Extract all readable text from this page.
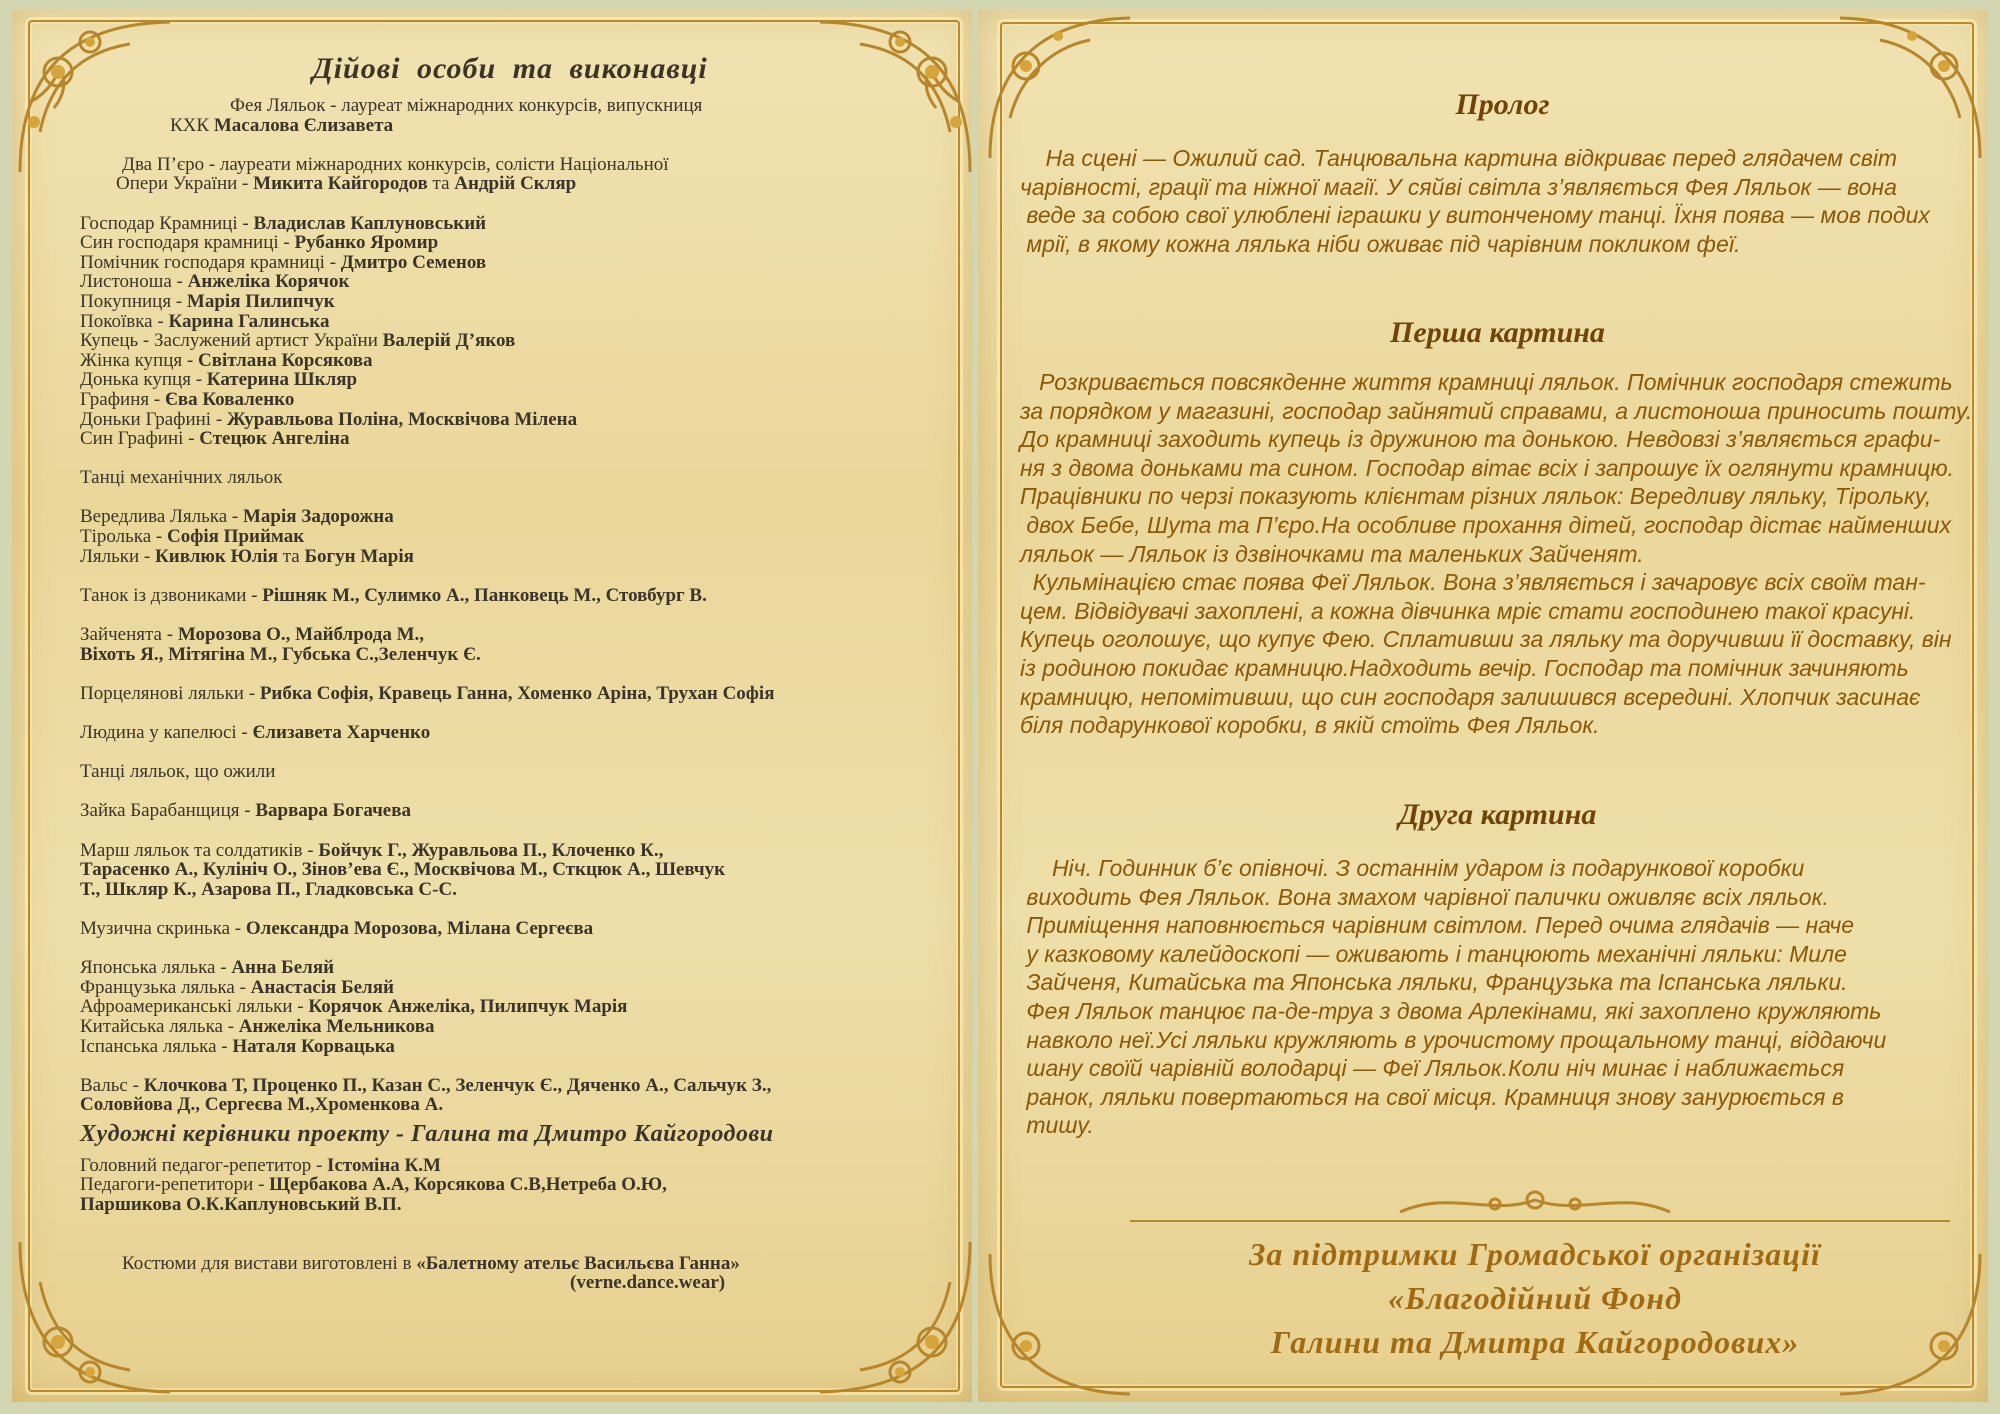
Дійові особи та виконавці
Фея Ляльок - лауреат міжнародних конкурсів, випускниця
КХК Масалова Єлизавета
Два П’єро - лауреати міжнародних конкурсів, солісти Національної
Опери України - Микита Кайгородов та Андрій Скляр
Господар Крамниці - Владислав Каплуновський
Син господаря крамниці - Рубанко Яромир
Помічник господаря крамниці - Дмитро Семенов
Листоноша - Анжеліка Корячок
Покупниця - Марія Пилипчук
Покоївка - Карина Галинська
Купець - Заслужений артист України Валерій Д’яков
Жінка купця - Світлана Корсякова
Донька купця - Катерина Шкляр
Графиня - Єва Коваленко
Доньки Графині - Журавльова Поліна, Москвічова Мілена
Син Графині - Стецюк Ангеліна
Танці механічних ляльок
Вередлива Лялька - Марія Задорожна
Тіролька - Софія Приймак
Ляльки - Кивлюк Юлія та Богун Марія
Танок із дзвониками - Рішняк М., Сулимко А., Панковець М., Стовбург В.
Зайченята - Морозова О., Майблрода М.,
Віхоть Я., Мітягіна М., Губська С.,Зеленчук Є.
Порцелянові ляльки - Рибка Софія, Кравець Ганна, Хоменко Аріна, Трухан Софія
Людина у капелюсі - Єлизавета Харченко
Танці ляльок, що ожили
Зайка Барабанщиця - Варвара Богачева
Марш ляльок та солдатиків - Бойчук Г., Журавльова П., Клоченко К.,
Тарасенко А., Кулініч О., Зінов’ева Є., Москвічова М., Сткцюк А., Шевчук
Т., Шкляр К., Азарова П., Гладковська С-С.
Музична скринька - Олександра Морозова, Мілана Сергеєва
Японська лялька - Анна Беляй
Французька лялька - Анастасія Беляй
Афроамериканські ляльки - Корячок Анжеліка, Пилипчук Марія
Китайська лялька - Анжеліка Мельникова
Іспанська лялька - Наталя Корвацька
Вальс - Клочкова Т, Проценко П., Казан С., Зеленчук Є., Дяченко А., Сальчук З.,
Соловйова Д., Сергеєва М.,Хроменкова А.
Художні керівники проекту - Галина та Дмитро Кайгородови
Головний педагог-репетитор - Істоміна К.М
Педагоги-репетитори - Щербакова А.А, Корсякова С.В,Нетреба О.Ю,
Паршикова О.К.Каплуновський В.П.
Костюми для вистави виготовлені в «Балетному ательє Васильєва Ганна»
(verne.dance.wear)
Пролог
На сцені — Ожилий сад. Танцювальна картина відкриває перед глядачем світ
чарівності, грації та ніжної магії. У сяйві світла з’являється Фея Ляльок — вона
веде за собою свої улюблені іграшки у витонченому танці. Їхня поява — мов подих
мрії, в якому кожна лялька ніби оживає під чарівним покликом феї.
Перша картина
Розкривається повсякденне життя крамниці ляльок. Помічник господаря стежить
за порядком у магазині, господар зайнятий справами, а листоноша приносить пошту.
До крамниці заходить купець із дружиною та донькою. Невдовзі з’являється графи-
ня з двома доньками та сином. Господар вітає всіх і запрошує їх оглянути крамницю.
Працівники по черзі показують клієнтам різних ляльок: Вередливу ляльку, Тірольку,
двох Бебе, Шута та П’єро.На особливе прохання дітей, господар дістає найменших
ляльок — Ляльок із дзвіночками та маленьких Зайченят.
Кульмінацією стає поява Феї Ляльок. Вона з’являється і зачаровує всіх своїм тан-
цем. Відвідувачі захоплені, а кожна дівчинка мріє стати господинею такої красуні.
Купець оголошує, що купує Фею. Сплативши за ляльку та доручивши її доставку, він
із родиною покидає крамницю.Надходить вечір. Господар та помічник зачиняють
крамницю, непомітивши, що син господаря залишився всередині. Хлопчик засинає
біля подарункової коробки, в якій стоїть Фея Ляльок.
Друга картина
Ніч. Годинник б’є опівночі. З останнім ударом із подарункової коробки
виходить Фея Ляльок. Вона змахом чарівної палички оживляє всіх ляльок.
Приміщення наповнюється чарівним світлом. Перед очима глядачів — наче
у казковому калейдоскопі — оживають і танцюють механічні ляльки: Миле
Зайченя, Китайська та Японська ляльки, Французька та Іспанська ляльки.
Фея Ляльок танцює па-де-труа з двома Арлекінами, які захоплено кружляють
навколо неї.Усі ляльки кружляють в урочистому прощальному танці, віддаючи
шану своїй чарівній володарці — Феї Ляльок.Коли ніч минає і наближається
ранок, ляльки повертаються на свої місця. Крамниця знову занурюється в
тишу.
За підтримки Громадської організації
«Благодійний Фонд
Галини та Дмитра Кайгородових»
